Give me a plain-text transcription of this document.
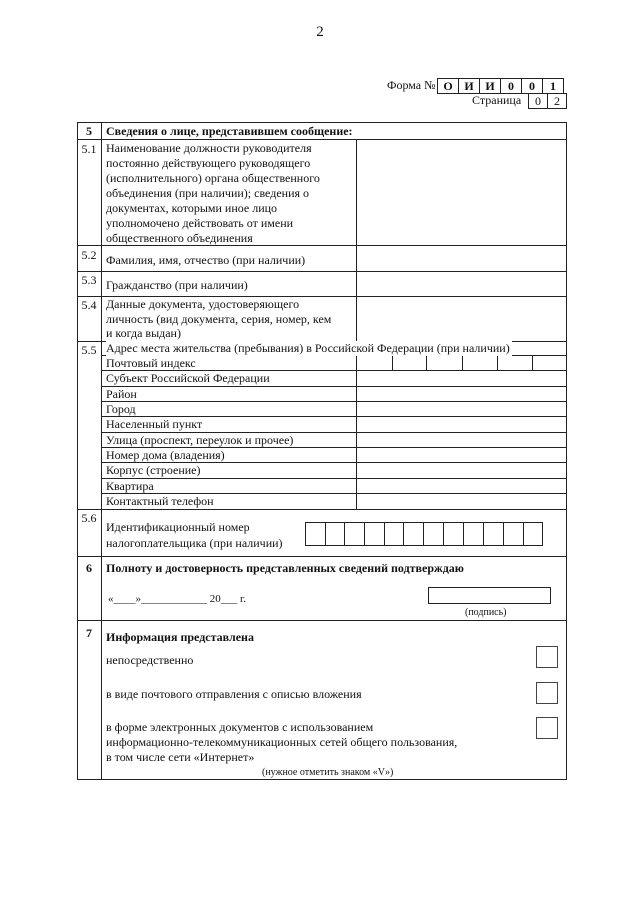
2
Форма № О И И	0	0	1
Страница	0	2
5	Сведения о лице, представившем сообщение:
5.1 Наименование должности руководителя
постоянно действующего руководящего
(исполнительного) органа общественного
объединения (при наличии); сведения о
документах, которыми иное лицо
уполномочено действовать от имени
общественного объединения
5.2 Фамилия, имя, отчество (при наличии)
5.3 Гражданство (при наличии)
5.4 Данные документа, удостоверяющего
личность (вид документа, серия, номер, кем
и когда выдан)
5.5 Адрес места жительства (пребывания) в Российской Федерации (при наличии)
Почтовый индекс
Субъект Российской Федерации
Район
Город
Населенный пункт
Улица (проспект, переулок и прочее)
Номер дома (владения)
Корпус (строение)
Квартира
Контактный телефон
5.6
Идентификационный номер
налогоплательщика (при наличии)
6	Полноту и достоверность представленных сведений подтверждаю
«____»____________ 20___ г.
(подпись)
7	Информация представлена
непосредственно
в виде почтового отправления с описью вложения
в форме электронных документов с использованием
информационно-телекоммуникационных сетей общего пользования,
в том числе сети «Интернет»
(нужное отметить знаком «V»)
